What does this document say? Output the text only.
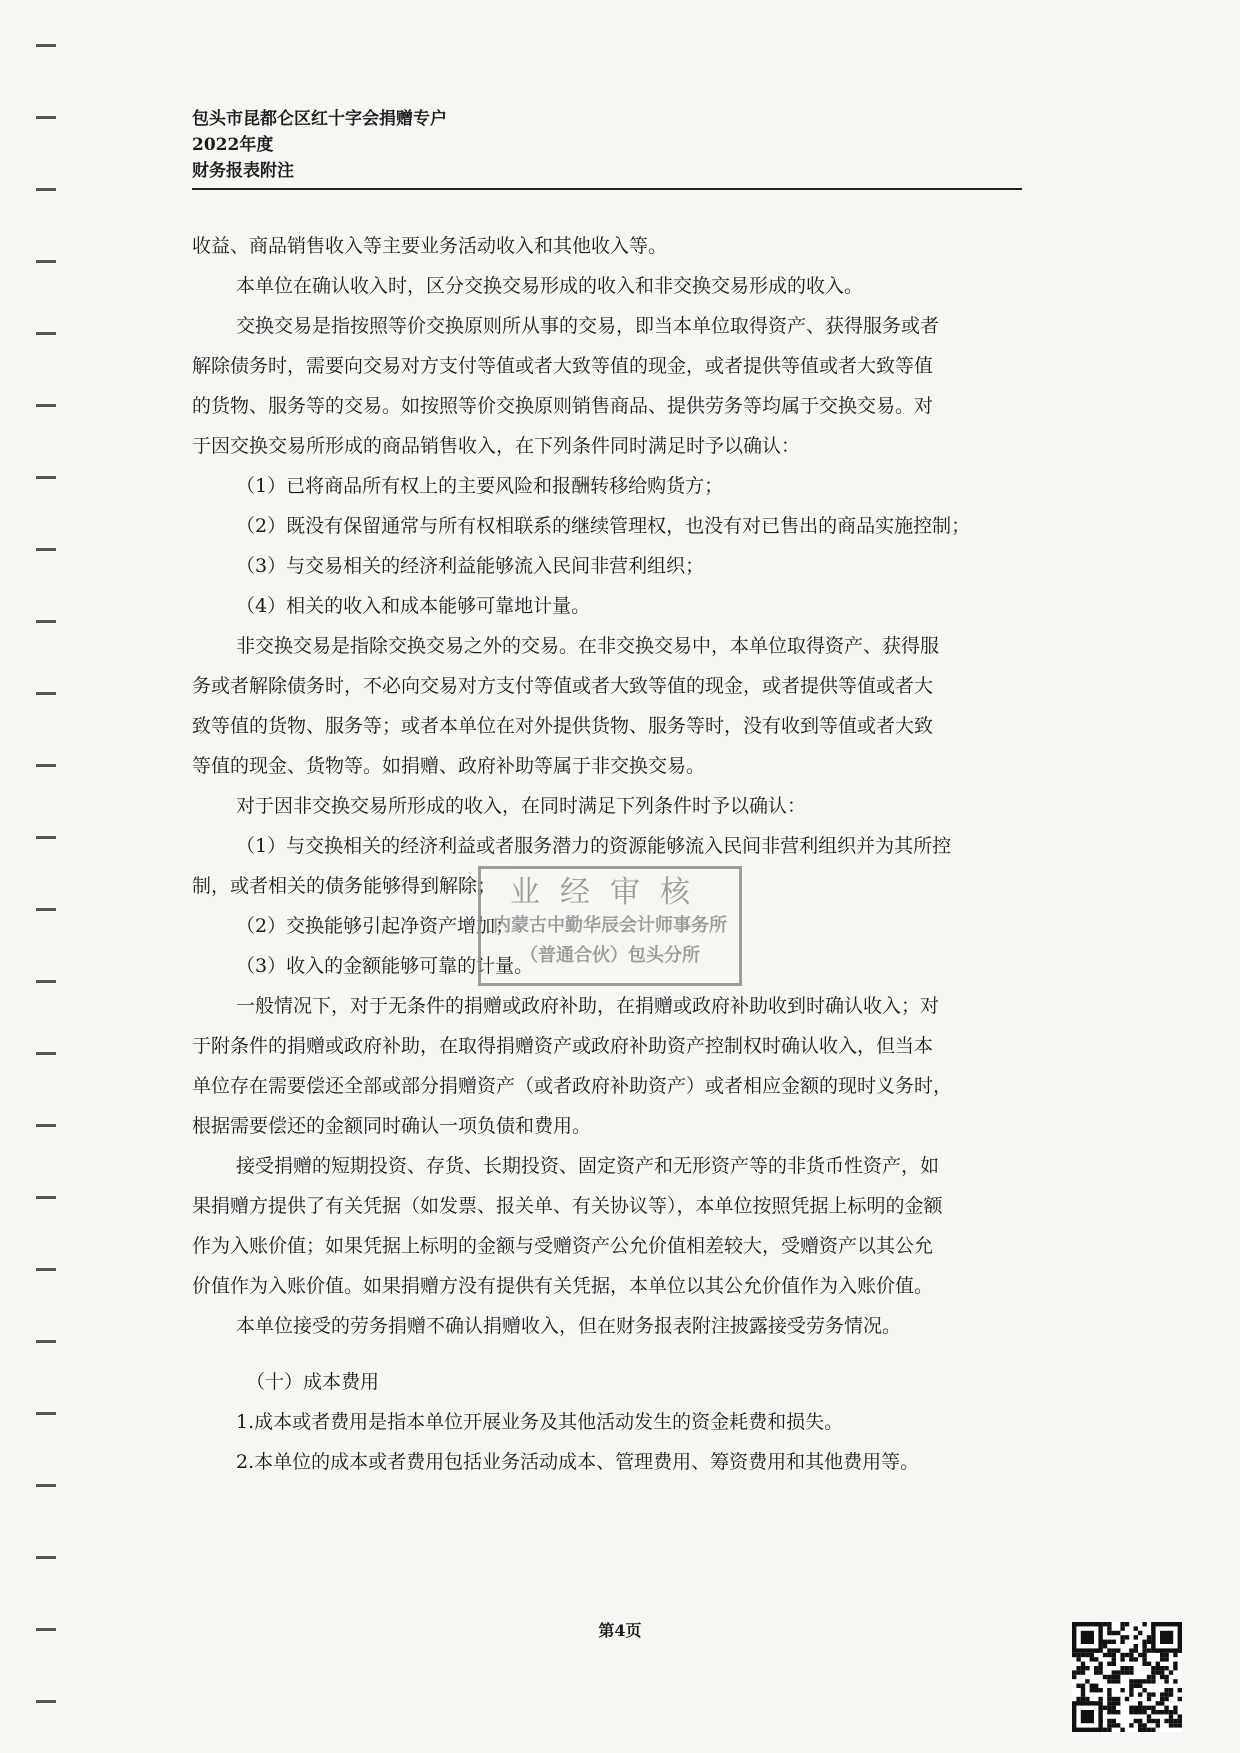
包头市昆都仑区红十字会捐赠专户
2022年度
财务报表附注

收益、商品销售收入等主要业务活动收入和其他收入等。

本单位在确认收入时，区分交换交易形成的收入和非交换交易形成的收入。

交换交易是指按照等价交换原则所从事的交易，即当本单位取得资产、获得服务或者

解除债务时，需要向交易对方支付等值或者大致等值的现金，或者提供等值或者大致等值

的货物、服务等的交易。如按照等价交换原则销售商品、提供劳务等均属于交换交易。对

于因交换交易所形成的商品销售收入，在下列条件同时满足时予以确认：

（1）已将商品所有权上的主要风险和报酬转移给购货方；

（2）既没有保留通常与所有权相联系的继续管理权，也没有对已售出的商品实施控制；

（3）与交易相关的经济利益能够流入民间非营利组织；

（4）相关的收入和成本能够可靠地计量。

非交换交易是指除交换交易之外的交易。在非交换交易中，本单位取得资产、获得服

务或者解除债务时，不必向交易对方支付等值或者大致等值的现金，或者提供等值或者大

致等值的货物、服务等；或者本单位在对外提供货物、服务等时，没有收到等值或者大致

等值的现金、货物等。如捐赠、政府补助等属于非交换交易。

对于因非交换交易所形成的收入，在同时满足下列条件时予以确认：

（1）与交换相关的经济利益或者服务潜力的资源能够流入民间非营利组织并为其所控

制，或者相关的债务能够得到解除；

（2）交换能够引起净资产增加；

（3）收入的金额能够可靠的计量。

一般情况下，对于无条件的捐赠或政府补助，在捐赠或政府补助收到时确认收入；对

于附条件的捐赠或政府补助，在取得捐赠资产或政府补助资产控制权时确认收入，但当本

单位存在需要偿还全部或部分捐赠资产（或者政府补助资产）或者相应金额的现时义务时，

根据需要偿还的金额同时确认一项负债和费用。

接受捐赠的短期投资、存货、长期投资、固定资产和无形资产等的非货币性资产，如

果捐赠方提供了有关凭据（如发票、报关单、有关协议等），本单位按照凭据上标明的金额

作为入账价值；如果凭据上标明的金额与受赠资产公允价值相差较大，受赠资产以其公允

价值作为入账价值。如果捐赠方没有提供有关凭据，本单位以其公允价值作为入账价值。

本单位接受的劳务捐赠不确认捐赠收入，但在财务报表附注披露接受劳务情况。

（十）成本费用

1.成本或者费用是指本单位开展业务及其他活动发生的资金耗费和损失。

2.本单位的成本或者费用包括业务活动成本、管理费用、筹资费用和其他费用等。

业经审核
内蒙古中勤华辰会计师事务所
（普通合伙）包头分所
第4页
